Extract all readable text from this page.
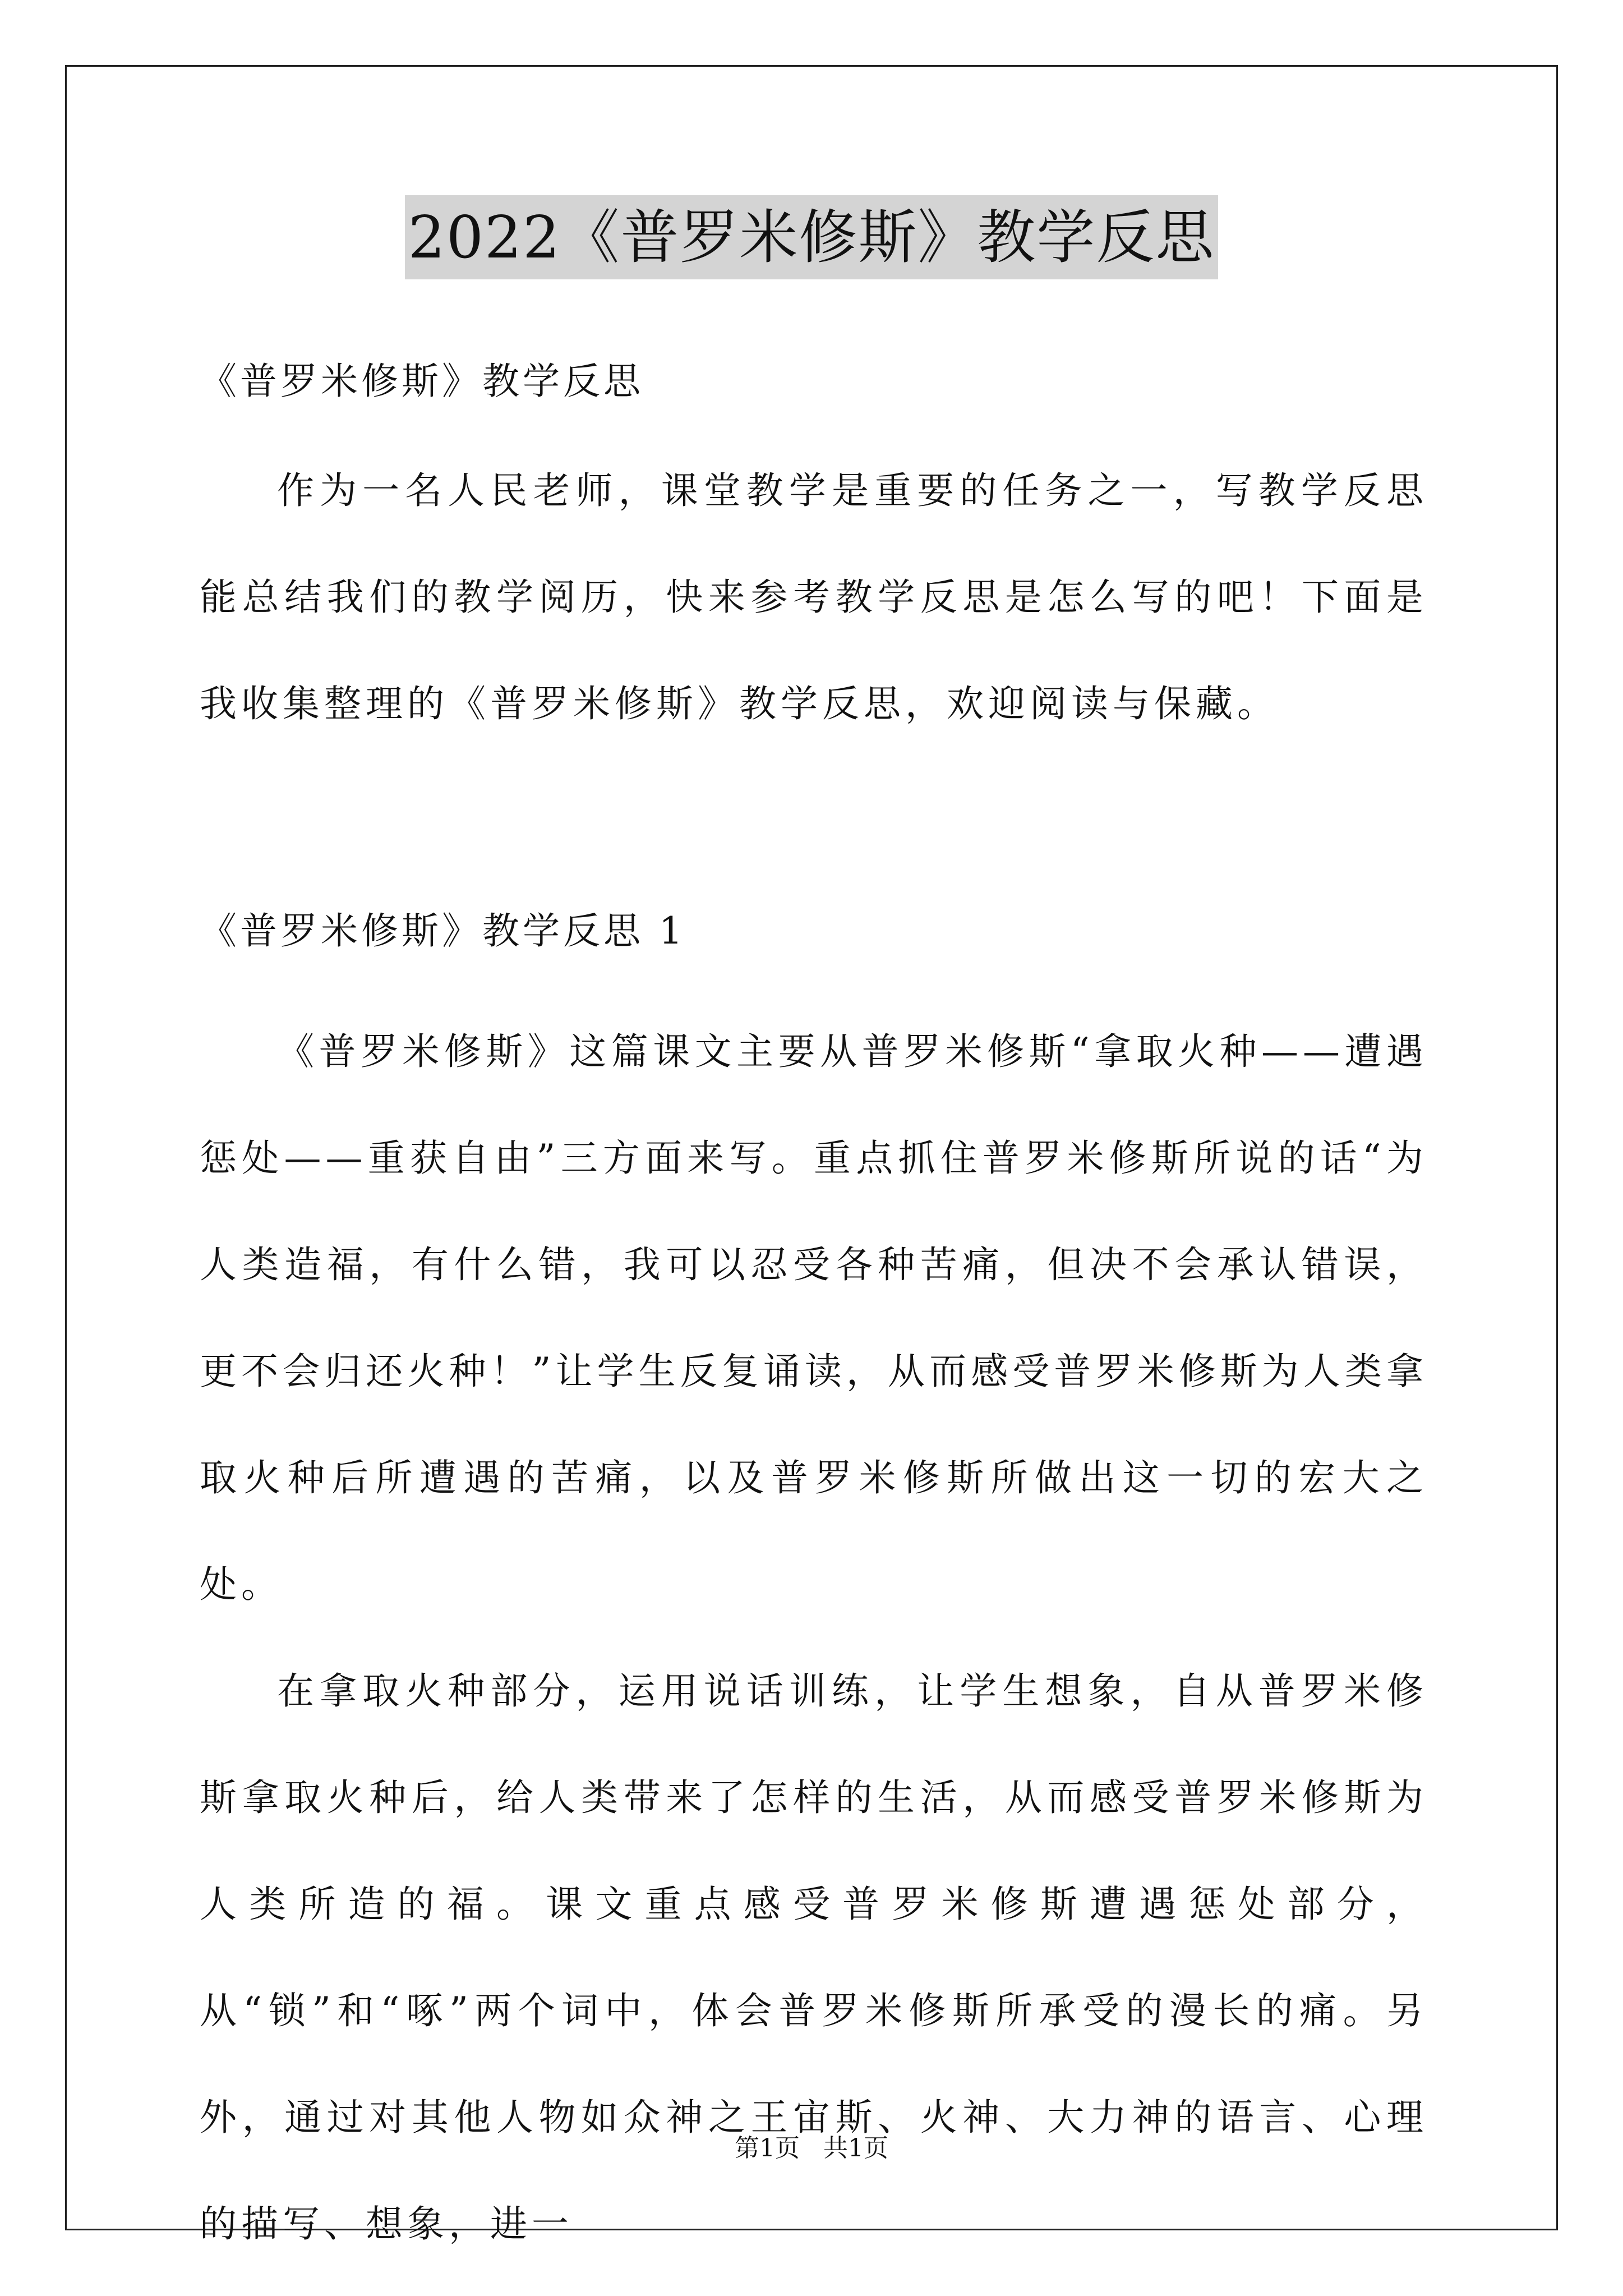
2022《普罗米修斯》教学反思

《普罗米修斯》教学反思

作为一名人民老师，课堂教学是重要的任务之一，写教学反思能总结我们的教学阅历，快来参考教学反思是怎么写的吧！下面是我收集整理的《普罗米修斯》教学反思，欢迎阅读与保藏。

《普罗米修斯》教学反思 1

《普罗米修斯》这篇课文主要从普罗米修斯“拿取火种——遭遇惩处——重获自由”三方面来写。重点抓住普罗米修斯所说的话“为人类造福，有什么错，我可以忍受各种苦痛，但决不会承认错误，更不会归还火种！”让学生反复诵读，从而感受普罗米修斯为人类拿取火种后所遭遇的苦痛，以及普罗米修斯所做出这一切的宏大之处。

在拿取火种部分，运用说话训练，让学生想象，自从普罗米修斯拿取火种后，给人类带来了怎样的生活，从而感受普罗米修斯为人类所造的福。课文重点感受普罗米修斯遭遇惩处部分，从“锁”和“啄”两个词中，体会普罗米修斯所承受的漫长的痛。另外，通过对其他人物如众神之王宙斯、火神、大力神的语言、心理的描写、想象，进一

第1页 共1页
